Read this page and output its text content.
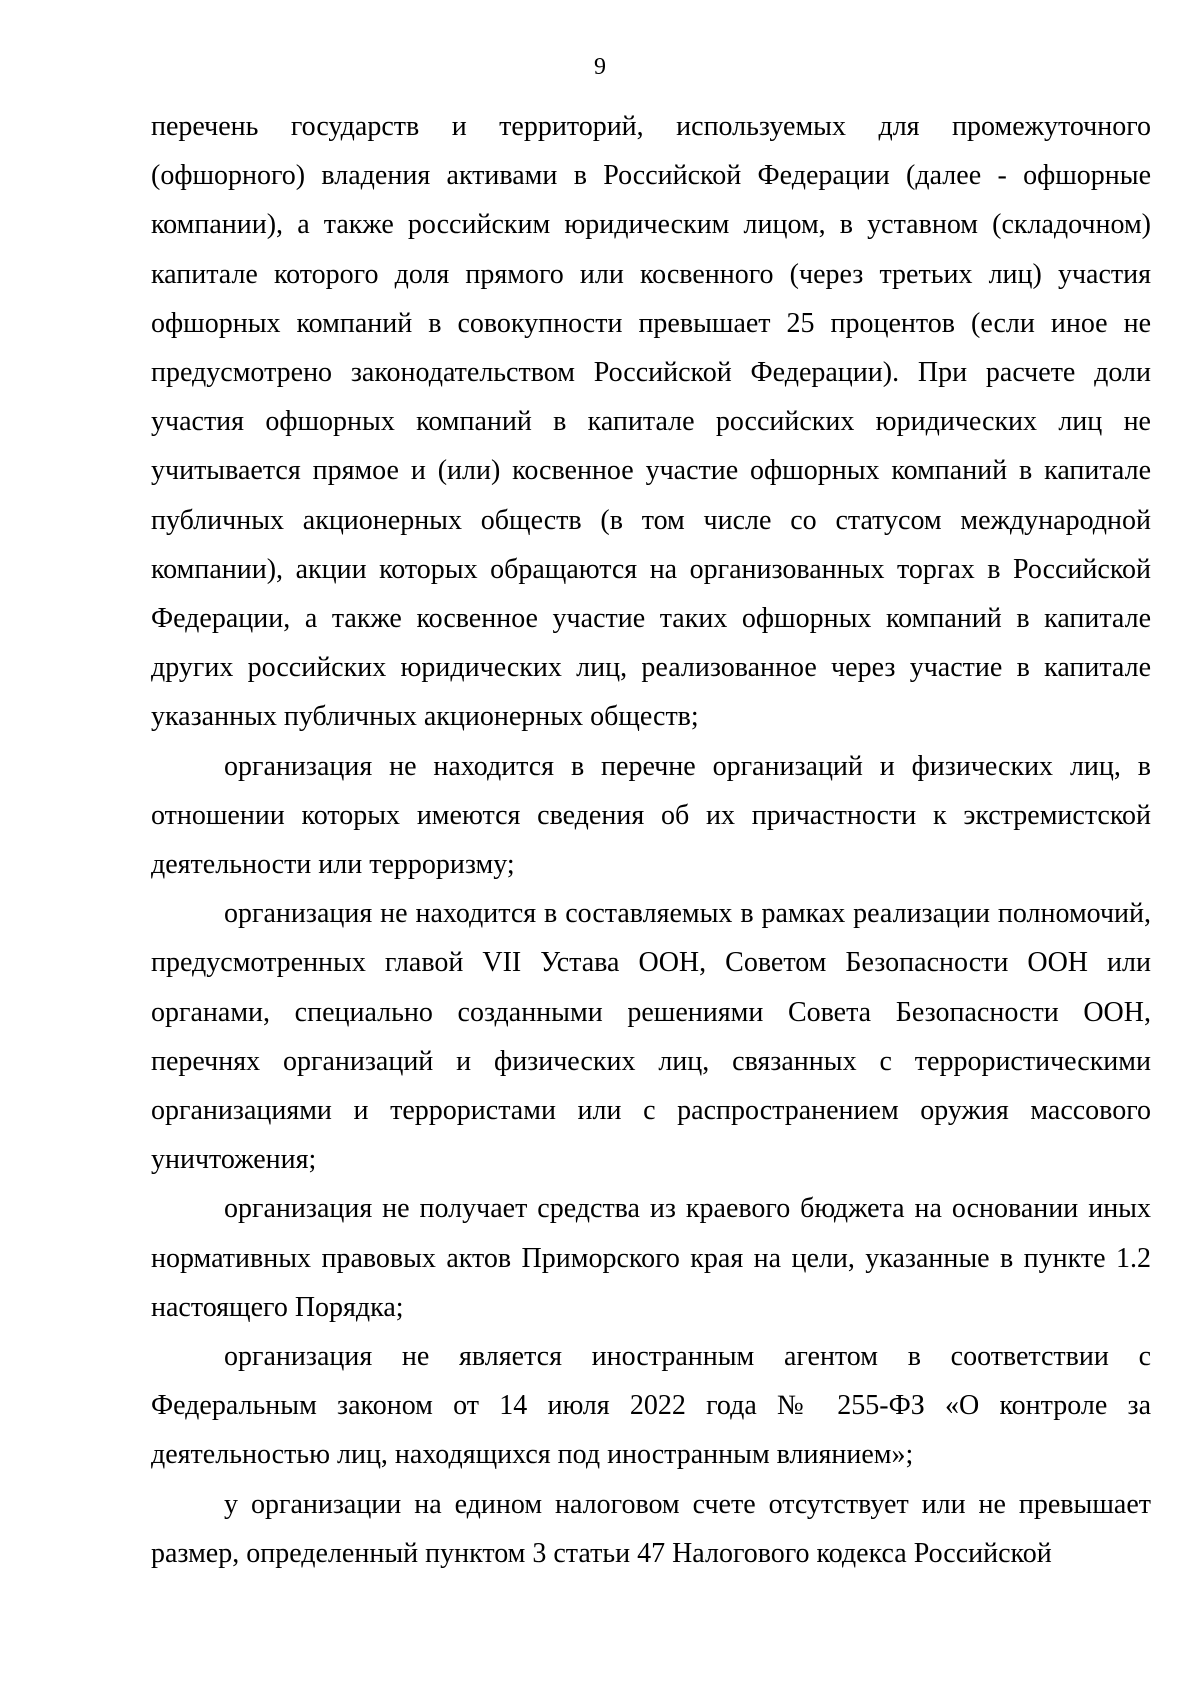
9

перечень государств и территорий, используемых для промежуточного (офшорного) владения активами в Российской Федерации (далее - офшорные компании), а также российским юридическим лицом, в уставном (складочном) капитале которого доля прямого или косвенного (через третьих лиц) участия офшорных компаний в совокупности превышает 25 процентов (если иное не предусмотрено законодательством Российской Федерации). При расчете доли участия офшорных компаний в капитале российских юридических лиц не учитывается прямое и (или) косвенное участие офшорных компаний в капитале публичных акционерных обществ (в том числе со статусом международной компании), акции которых обращаются на организованных торгах в Российской Федерации, а также косвенное участие таких офшорных компаний в капитале других российских юридических лиц, реализованное через участие в капитале указанных публичных акционерных обществ;

организация не находится в перечне организаций и физических лиц, в отношении которых имеются сведения об их причастности к экстремистской деятельности или терроризму;

организация не находится в составляемых в рамках реализации полномочий, предусмотренных главой VII Устава ООН, Советом Безопасности ООН или органами, специально созданными решениями Совета Безопасности ООН, перечнях организаций и физических лиц, связанных с террористическими организациями и террористами или с распространением оружия массового уничтожения;

организация не получает средства из краевого бюджета на основании иных нормативных правовых актов Приморского края на цели, указанные в пункте 1.2 настоящего Порядка;

организация не является иностранным агентом в соответствии с Федеральным законом от 14 июля 2022 года № 255-ФЗ «О контроле за деятельностью лиц, находящихся под иностранным влиянием»;

у организации на едином налоговом счете отсутствует или не превышает размер, определенный пунктом 3 статьи 47 Налогового кодекса Российской
